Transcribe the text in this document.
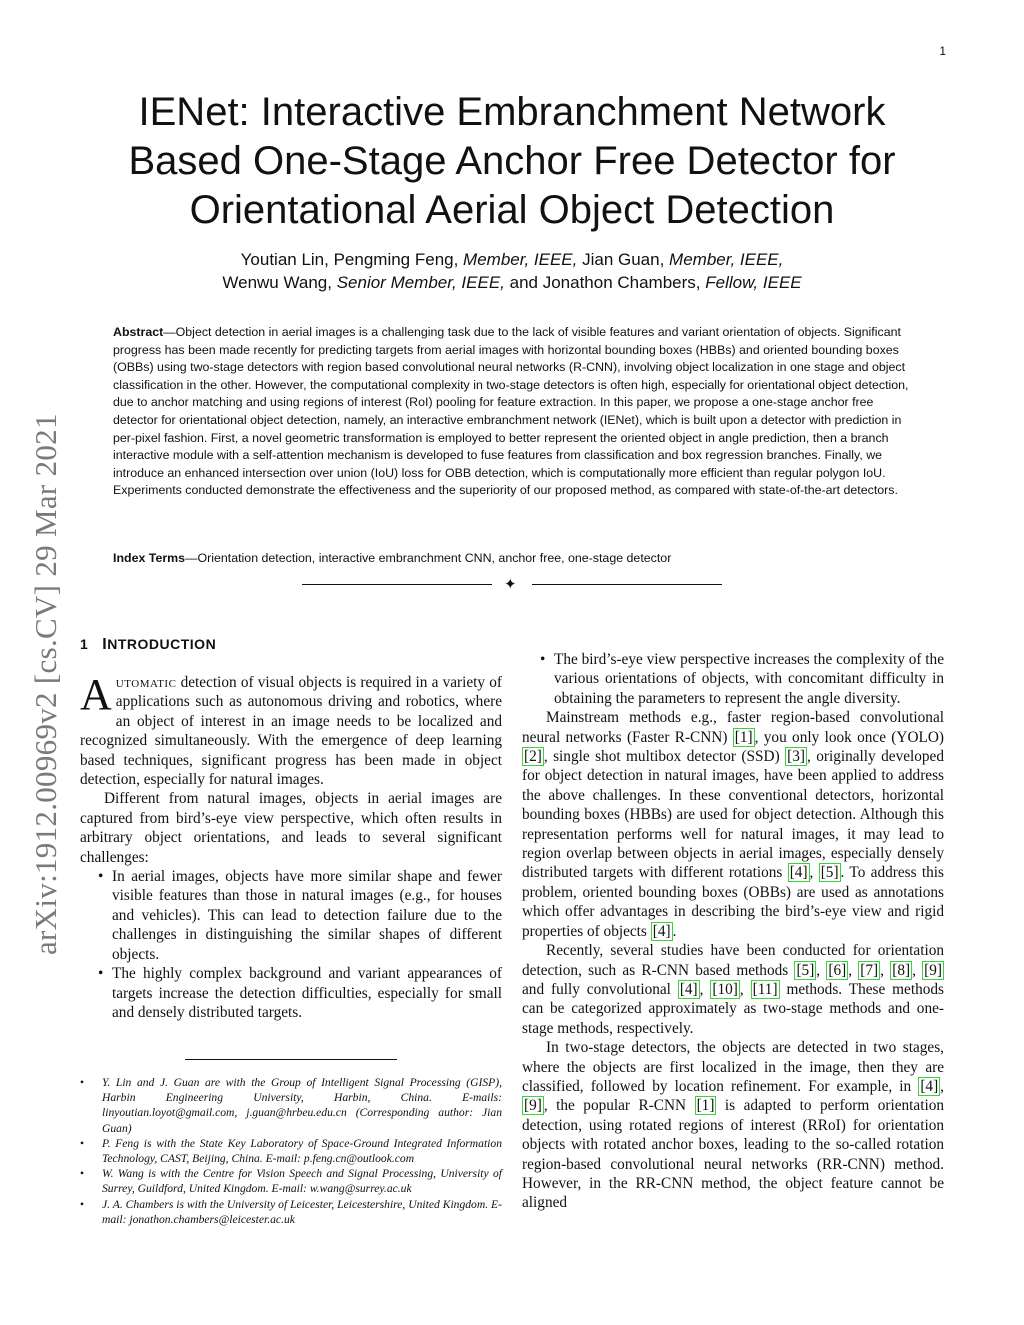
1
arXiv:1912.00969v2 [cs.CV] 29 Mar 2021
IENet: Interactive Embranchment Network
Based One-Stage Anchor Free Detector for
Orientational Aerial Object Detection
Youtian Lin, Pengming Feng, Member, IEEE, Jian Guan, Member, IEEE,
Wenwu Wang, Senior Member, IEEE, and Jonathon Chambers, Fellow, IEEE
Abstract—Object detection in aerial images is a challenging task due to the lack of visible features and variant orientation of objects. Significant progress has been made recently for predicting targets from aerial images with horizontal bounding boxes (HBBs) and oriented bounding boxes (OBBs) using two-stage detectors with region based convolutional neural networks (R-CNN), involving object localization in one stage and object classification in the other. However, the computational complexity in two-stage detectors is often high, especially for orientational object detection, due to anchor matching and using regions of interest (RoI) pooling for feature extraction. In this paper, we propose a one-stage anchor free detector for orientational object detection, namely, an interactive embranchment network (IENet), which is built upon a detector with prediction in per-pixel fashion. First, a novel geometric transformation is employed to better represent the oriented object in angle prediction, then a branch interactive module with a self-attention mechanism is developed to fuse features from classification and box regression branches. Finally, we introduce an enhanced intersection over union (IoU) loss for OBB detection, which is computationally more efficient than regular polygon IoU. Experiments conducted demonstrate the effectiveness and the superiority of our proposed method, as compared with state-of-the-art detectors.
Index Terms—Orientation detection, interactive embranchment CNN, anchor free, one-stage detector
✦
1 INTRODUCTION

Automatic detection of visual objects is required in a variety of applications such as autonomous driving and robotics, where an object of interest in an image needs to be localized and recognized simultaneously. With the emergence of deep learning based techniques, significant progress has been made in object detection, especially for natural images.

Different from natural images, objects in aerial images are captured from bird’s-eye view perspective, which often results in arbitrary object orientations, and leads to several significant challenges:

• In aerial images, objects have more similar shape and fewer visible features than those in natural images (e.g., for houses and vehicles). This can lead to detection failure due to the challenges in distinguishing the similar shapes of different objects.
• The highly complex background and variant appearances of targets increase the detection difficulties, especially for small and densely distributed targets.
• Y. Lin and J. Guan are with the Group of Intelligent Signal Processing (GISP), Harbin Engineering University, Harbin, China. E-mails: linyoutian.loyot@gmail.com, j.guan@hrbeu.edu.cn (Corresponding author: Jian Guan)
• P. Feng is with the State Key Laboratory of Space-Ground Integrated Information Technology, CAST, Beijing, China. E-mail: p.feng.cn@outlook.com
• W. Wang is with the Centre for Vision Speech and Signal Processing, University of Surrey, Guildford, United Kingdom. E-mail: w.wang@surrey.ac.uk
• J. A. Chambers is with the University of Leicester, Leicestershire, United Kingdom. E-mail: jonathon.chambers@leicester.ac.uk
• The bird’s-eye view perspective increases the complexity of the various orientations of objects, with concomitant difficulty in obtaining the parameters to represent the angle diversity.

Mainstream methods e.g., faster region-based convolutional neural networks (Faster R-CNN) [1] , you only look once (YOLO) [2] , single shot multibox detector (SSD) [3] , originally developed for object detection in natural images, have been applied to address the above challenges. In these conventional detectors, horizontal bounding boxes (HBBs) are used for object detection. Although this representation performs well for natural images, it may lead to region overlap between objects in aerial images, especially densely distributed targets with different rotations [4] , [5] . To address this problem, oriented bounding boxes (OBBs) are used as annotations which offer advantages in describing the bird’s-eye view and rigid properties of objects [4] .

Recently, several studies have been conducted for orientation detection, such as R-CNN based methods [5] , [6] , [7] , [8] , [9] and fully convolutional [4] , [10] , [11] methods. These methods can be categorized approximately as two-stage methods and one-stage methods, respectively.

In two-stage detectors, the objects are detected in two stages, where the objects are first localized in the image, then they are classified, followed by location refinement. For example, in [4] , [9] , the popular R-CNN [1] is adapted to perform orientation detection, using rotated regions of interest (RRoI) for orientation objects with rotated anchor boxes, leading to the so-called rotation region-based convolutional neural networks (RR-CNN) method. However, in the RR-CNN method, the object feature cannot be aligned
